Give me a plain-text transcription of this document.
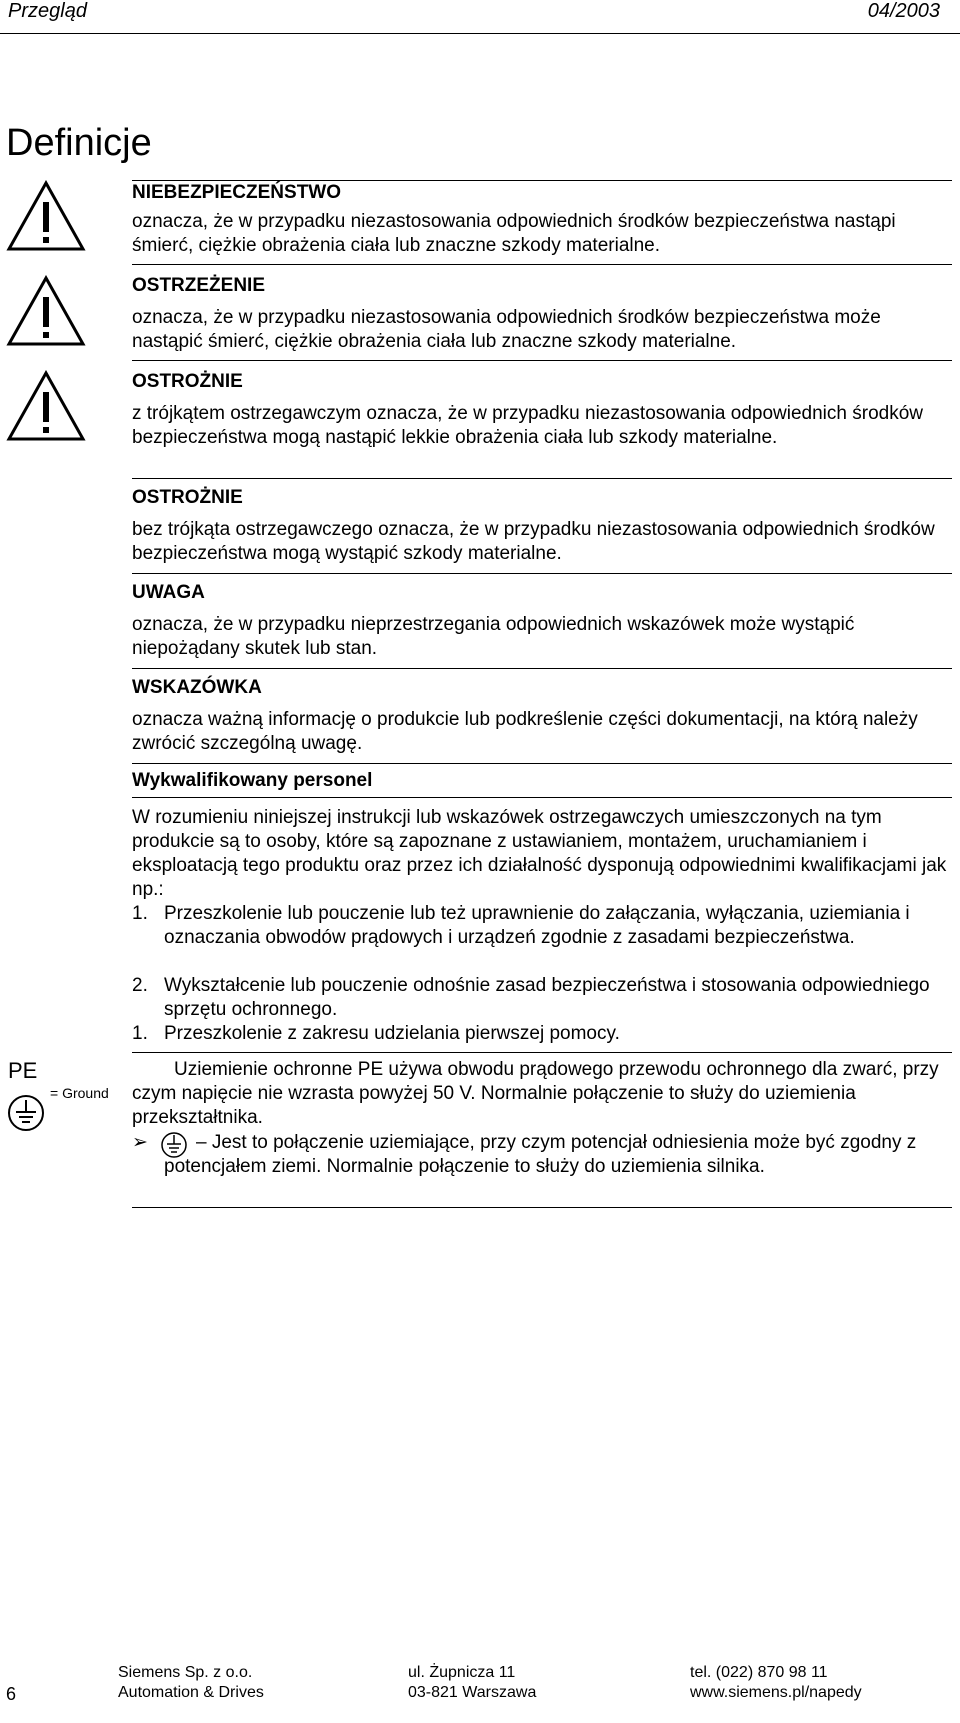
Przegląd	04/2003
Definicje
NIEBEZPIECZEŃSTWO
oznacza, że w przypadku niezastosowania odpowiednich środków bezpieczeństwa nastąpi śmierć, ciężkie obrażenia ciała lub znaczne szkody materialne.
OSTRZEŻENIE
oznacza, że w przypadku niezastosowania odpowiednich środków bezpieczeństwa może nastąpić śmierć, ciężkie obrażenia ciała lub znaczne szkody materialne.
OSTROŻNIE
z trójkątem ostrzegawczym oznacza, że w przypadku niezastosowania odpowiednich środków bezpieczeństwa mogą nastąpić lekkie obrażenia ciała lub szkody materialne.
OSTROŻNIE
bez trójkąta ostrzegawczego oznacza, że w przypadku niezastosowania odpowiednich środków bezpieczeństwa mogą wystąpić szkody materialne.
UWAGA
oznacza, że w przypadku nieprzestrzegania odpowiednich wskazówek może wystąpić niepożądany skutek lub stan.
WSKAZÓWKA
oznacza ważną informację o produkcie lub podkreślenie części dokumentacji, na którą należy zwrócić szczególną uwagę.
Wykwalifikowany personel
W rozumieniu niniejszej instrukcji lub wskazówek ostrzegawczych umieszczonych na tym produkcie są to osoby, które są zapoznane z ustawianiem, montażem, uruchamianiem i eksploatacją tego produktu oraz przez ich działalność dysponują odpowiednimi kwalifikacjami jak np.:
1. Przeszkolenie lub pouczenie lub też uprawnienie do załączania, wyłączania, uziemiania i oznaczania obwodów prądowych i urządzeń zgodnie z zasadami bezpieczeństwa.
2. Wykształcenie lub pouczenie odnośnie zasad bezpieczeństwa i stosowania odpowiedniego sprzętu ochronnego.
1. Przeszkolenie z zakresu udzielania pierwszej pomocy.
PE
= Ground
Uziemienie ochronne PE używa obwodu prądowego przewodu ochronnego dla zwarć, przy czym napięcie nie wzrasta powyżej 50 V. Normalnie połączenie to służy do uziemienia przekształtnika.
➢	– Jest to połączenie uziemiające, przy czym potencjał odniesienia może być zgodny z potencjałem ziemi. Normalnie połączenie to służy do uziemienia silnika.
6
Siemens Sp. z o.o.
Automation & Drives
ul. Żupnicza 11
03-821 Warszawa
tel. (022) 870 98 11
www.siemens.pl/napedy
